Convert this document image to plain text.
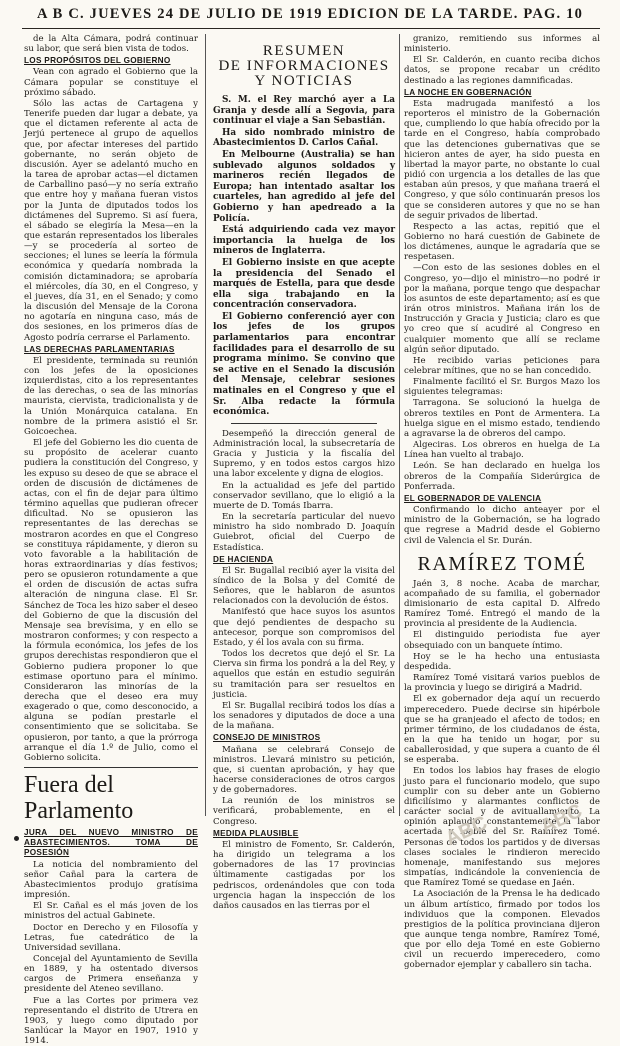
A B C. JUEVES 24 DE JULIO DE 1919 EDICION DE LA TARDE. PAG. 10

de la Alta Cámara, podrá continuar su labor, que será bien vista de todos.

LOS PROPÓSITOS DEL GOBIERNO

Vean con agrado el Gobierno que la Cámara popular se constituye el próximo sábado.

Sólo las actas de Cartagena y Tenerife pueden dar lugar a debate, ya que el dictamen referente al acta de Jerjú pertenece al grupo de aquellos que, por afectar intereses del partido gobernante, no serán objeto de discusión. Ayer se adelantó mucho en la tarea de aprobar actas—el dictamen de Carballino pasó—y no sería extraño que entre hoy y mañana fueran vistos por la Junta de diputados todos los dictámenes del Supremo. Si así fuera, el sábado se elegiría la Mesa—en la que estarán representados los liberales—y se procedería al sorteo de secciones; el lunes se leería la fórmula económica y quedaría nombrada la comisión dictaminadora; se aprobaría el miércoles, día 30, en el Congreso, y el jueves, día 31, en el Senado; y como la discusión del Mensaje de la Corona no agotaría en ninguna caso, más de dos sesiones, en los primeros días de Agosto podría cerrarse el Parlamento.

LAS DERECHAS PARLAMENTARIAS

El presidente, terminada su reunión con los jefes de la oposiciones izquierdistas, cito a los representantes de las derechas, o sea de las minorías maurista, ciervista, tradicionalista y de la Unión Monárquica catalana. En nombre de la primera asistió el Sr. Goicoechea.

El jefe del Gobierno les dio cuenta de su propósito de acelerar cuanto pudiera la constitución del Congreso, y les expuso su deseo de que se abrace el orden de discusión de dictámenes de actas, con el fin de dejar para último término aquellas que pudieran ofrecer dificultad. No se opusieron las representantes de las derechas se mostraron acordes en que el Congreso se constituya rápidamente, y dieron su voto favorable a la habilitación de horas extraordinarias y días festivos; pero se opusieron rotundamente a que el orden de discusión de actas sufra alteración de ninguna clase. El Sr. Sánchez de Toca les hizo saber el deseo del Gobierno de que la discusión del Mensaje sea brevísima, y en ello se mostraron conformes; y con respecto a la fórmula económica, los jefes de los grupos derechistas respondieron que el Gobierno pudiera proponer lo que estimase oportuno para el mínimo. Consideraron las minorías de la derecha que el deseo era muy exagerado o que, como desconocido, a alguna se podían prestarle el consentimiento que se solicitaba. Se opusieron, por tanto, a que la prórroga arranque el día 1.º de Julio, como el Gobierno solicita.

Fuera del Parlamento
JURA DEL NUEVO MINISTRO DE ABASTECIMIENTOS. TOMA DE POSESIÓN

La noticia del nombramiento del señor Cañal para la cartera de Abastecimientos produjo gratísima impresión.

El Sr. Cañal es el más joven de los ministros del actual Gabinete.

Doctor en Derecho y en Filosofía y Letras, fue catedrático de la Universidad sevillana.

Concejal del Ayuntamiento de Sevilla en 1889, y ha ostentado diversos cargos de Primera enseñanza y presidente del Ateneo sevillano.

Fue a las Cortes por primera vez representando el distrito de Utrera en 1903, y luego como diputado por Sanlúcar la Mayor en 1907, 1910 y 1914.

RESUMEN
DE INFORMACIONES
Y NOTICIAS

S. M. el Rey marchó ayer a La Granja y desde allí a Segovia, para continuar el viaje a San Sebastián.

Ha sido nombrado ministro de Abastecimientos D. Carlos Cañal.

En Melbourne (Australia) se han sublevado algunos soldados y marineros recién llegados de Europa; han intentado asaltar los cuarteles, han agredido al jefe del Gobierno y han apedreado a la Policía.

Está adquiriendo cada vez mayor importancia la huelga de los mineros de Inglaterra.

El Gobierno insiste en que acepte la presidencia del Senado el marqués de Estella, para que desde ella siga trabajando en la concentración conservadora.

El Gobierno conferenció ayer con los jefes de los grupos parlamentarios para encontrar facilidades para el desarrollo de su programa mínimo. Se convino que se active en el Senado la discusión del Mensaje, celebrar sesiones matinales en el Congreso y que el Sr. Alba redacte la fórmula económica.

Desempeñó la dirección general de Administración local, la subsecretaría de Gracia y Justicia y la fiscalía del Supremo, y en todos estos cargos hizo una labor excelente y digna de elogios.

En la actualidad es jefe del partido conservador sevillano, que lo eligió a la muerte de D. Tomás Ibarra.

En la secretaría particular del nuevo ministro ha sido nombrado D. Joaquín Guiebrot, oficial del Cuerpo de Estadística.

DE HACIENDA

El Sr. Bugallal recibió ayer la visita del síndico de la Bolsa y del Comité de Señores, que le hablaron de asuntos relacionados con la devolución de éstos.

Manifestó que hace suyos los asuntos que dejó pendientes de despacho su antecesor, porque son compromisos del Estado, y él los avala con su firma.

Todos los decretos que dejó el Sr. La Cierva sin firma los pondrá a la del Rey, y aquellos que están en estudio seguirán su tramitación para ser resueltos en justicia.

El Sr. Bugallal recibirá todos los días a los senadores y diputados de doce a una de la mañana.

CONSEJO DE MINISTROS

Mañana se celebrará Consejo de ministros. Llevará ministro su petición, que, si cuentan aprobación, y hay que hacerse consideraciones de otros cargos y de gobernadores.

La reunión de los ministros se verificará, probablemente, en el Congreso.

MEDIDA PLAUSIBLE

El ministro de Fomento, Sr. Calderón, ha dirigido un telegrama a los gobernadores de las 17 provincias últimamente castigadas por los pedriscos, ordenándoles que con toda urgencia hagan la inspección de los daños causados en las tierras por el

granizo, remitiendo sus informes al ministerio.

El Sr. Calderón, en cuanto reciba dichos datos, se propone recabar un crédito destinado a las regiones damnificadas.

LA NOCHE EN GOBERNACIÓN

Esta madrugada manifestó a los reporteros el ministro de la Gobernación que, cumpliendo lo que había ofrecido por la tarde en el Congreso, había comprobado que las detenciones gubernativas que se hicieron antes de ayer, ha sido puesta en libertad la mayor parte, no obstante lo cual pidió con urgencia a los detalles de las que estaban aún presos, y que mañana traerá el Congreso, y que sólo continuarán presos los que se consideren autores y que no se han de seguir privados de libertad.

Respecto a las actas, repitió que el Gobierno no hará cuestión de Gabinete de los dictámenes, aunque le agradaría que se respetasen.

—Con esto de las sesiones dobles en el Congreso, yo—dijo el ministro—no podré ir por la mañana, porque tengo que despachar los asuntos de este departamento; así es que irán otros ministros. Mañana irán los de Instrucción y Gracia y Justicia; claro es que yo creo que sí acudiré al Congreso en cualquier momento que allí se reclame algún señor diputado.

He recibido varias peticiones para celebrar mítines, que no se han concedido.

Finalmente facilitó el Sr. Burgos Mazo los siguientes telegramas:

Tarragona. Se solucionó la huelga de obreros textiles en Pont de Armentera. La huelga sigue en el mismo estado, tendiendo a agravarse la de obreros del campo.

Algeciras. Los obreros en huelga de La Línea han vuelto al trabajo.

León. Se han declarado en huelga los obreros de la Compañía Siderúrgica de Ponferrada.

EL GOBERNADOR DE VALENCIA

Confirmando lo dicho anteayer por el ministro de la Gobernación, se ha logrado que regrese a Madrid desde el Gobierno civil de Valencia el Sr. Durán.

RAMÍREZ TOMÉ

Jaén 3, 8 noche. Acaba de marchar, acompañado de su familia, el gobernador dimisionario de esta capital D. Alfredo Ramírez Tomé. Entregó el mando de la provincia al presidente de la Audiencia.

El distinguido periodista fue ayer obsequiado con un banquete íntimo.

Hoy se le ha hecho una entusiasta despedida.

Ramírez Tomé visitará varios pueblos de la provincia y luego se dirigirá a Madrid.

El ex gobernador deja aquí un recuerdo imperecedero. Puede decirse sin hipérbole que se ha granjeado el afecto de todos; en primer término, de los ciudadanos de ésta, en la que ha tenido un hogar, por su caballerosidad, y que supera a cuanto de él se esperaba.

En todos los labios hay frases de elogio justo para el funcionario modelo, que supo cumplir con su deber ante un Gobierno dificilísimo y alarmantes conflictos de carácter social y de avituallamiento. La opinión aplaudió constantemente la labor acertada y loable del Sr. Ramírez Tomé. Personas de todos los partidos y de diversas clases sociales le rindieron merecido homenaje, manifestando sus mejores simpatías, indicándole la conveniencia de que Ramírez Tomé se quedase en Jaén.

La Asociación de la Prensa le ha dedicado un álbum artístico, firmado por todos los individuos que la componen. Elevados prestigios de la política provinciana dijeron que aunque tenga nombre, Ramírez Tomé, que por ello deja Tomé en este Gobierno civil un recuerdo imperecedero, como gobernador ejemplar y caballero sin tacha.

ABC ABC
